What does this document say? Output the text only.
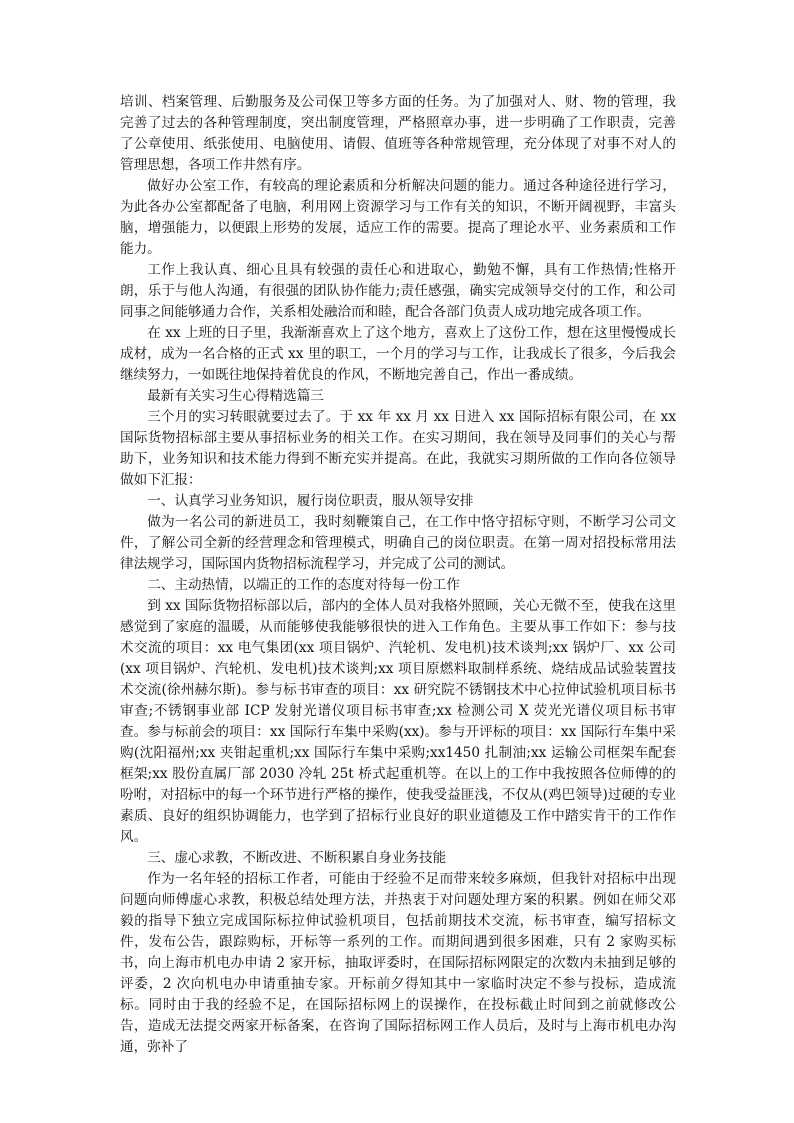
培训、档案管理、后勤服务及公司保卫等多方面的任务。为了加强对人、财、物的管理，我完善了过去的各种管理制度，突出制度管理，严格照章办事，进一步明确了工作职责，完善了公章使用、纸张使用、电脑使用、请假、值班等各种常规管理，充分体现了对事不对人的管理思想，各项工作井然有序。

做好办公室工作，有较高的理论素质和分析解决问题的能力。通过各种途径进行学习，为此各办公室都配备了电脑，利用网上资源学习与工作有关的知识，不断开阔视野，丰富头脑，增强能力，以便跟上形势的发展，适应工作的需要。提高了理论水平、业务素质和工作能力。

工作上我认真、细心且具有较强的责任心和进取心，勤勉不懈，具有工作热情;性格开朗，乐于与他人沟通，有很强的团队协作能力;责任感强，确实完成领导交付的工作，和公司同事之间能够通力合作，关系相处融洽而和睦，配合各部门负责人成功地完成各项工作。

在 xx 上班的日子里，我渐渐喜欢上了这个地方，喜欢上了这份工作，想在这里慢慢成长成材，成为一名合格的正式 xx 里的职工，一个月的学习与工作，让我成长了很多，今后我会继续努力，一如既往地保持着优良的作风，不断地完善自己，作出一番成绩。

最新有关实习生心得精选篇三

三个月的实习转眼就要过去了。于 xx 年 xx 月 xx 日进入 xx 国际招标有限公司，在 xx 国际货物招标部主要从事招标业务的相关工作。在实习期间，我在领导及同事们的关心与帮助下，业务知识和技术能力得到不断充实并提高。在此，我就实习期所做的工作向各位领导做如下汇报：

一、认真学习业务知识，履行岗位职责，服从领导安排

做为一名公司的新进员工，我时刻鞭策自己，在工作中恪守招标守则，不断学习公司文件，了解公司全新的经营理念和管理模式，明确自己的岗位职责。在第一周对招投标常用法律法规学习，国际国内货物招标流程学习，并完成了公司的测试。

二、主动热情，以端正的工作的态度对待每一份工作

到 xx 国际货物招标部以后，部内的全体人员对我格外照顾，关心无微不至，使我在这里感觉到了家庭的温暖，从而能够使我能够很快的进入工作角色。主要从事工作如下：参与技术交流的项目：xx 电气集团(xx 项目锅炉、汽轮机、发电机)技术谈判;xx 锅炉厂、xx 公司(xx 项目锅炉、汽轮机、发电机)技术谈判;xx 项目原燃料取制样系统、烧结成品试验装置技术交流(徐州赫尔斯)。参与标书审查的项目：xx 研究院不锈钢技术中心拉伸试验机项目标书审查;不锈钢事业部 ICP 发射光谱仪项目标书审查;xx 检测公司 X 荧光光谱仪项目标书审查。参与标前会的项目：xx 国际行车集中采购(xx)。参与开评标的项目：xx 国际行车集中采购(沈阳福州;xx 夹钳起重机;xx 国际行车集中采购;xx1450 扎制油;xx 运输公司框架车配套框架;xx 股份直属厂部 2030 冷轧 25t 桥式起重机等。在以上的工作中我按照各位师傅的的吩咐，对招标中的每一个环节进行严格的操作，使我受益匪浅，不仅从(鸡巴领导)过硬的专业素质、良好的组织协调能力，也学到了招标行业良好的职业道德及工作中踏实肯干的工作作风。

三、虚心求教，不断改进、不断积累自身业务技能

作为一名年轻的招标工作者，可能由于经验不足而带来较多麻烦，但我针对招标中出现问题向师傅虚心求教，积极总结处理方法，并热衷于对问题处理方案的积累。例如在师父邓毅的指导下独立完成国际标拉伸试验机项目，包括前期技术交流，标书审查，编写招标文件，发布公告，跟踪购标，开标等一系列的工作。而期间遇到很多困难，只有 2 家购买标书，向上海市机电办申请 2 家开标，抽取评委时，在国际招标网限定的次数内未抽到足够的评委，2 次向机电办申请重抽专家。开标前夕得知其中一家临时决定不参与投标，造成流标。同时由于我的经验不足，在国际招标网上的误操作，在投标截止时间到之前就修改公告，造成无法提交两家开标备案，在咨询了国际招标网工作人员后，及时与上海市机电办沟通，弥补了
